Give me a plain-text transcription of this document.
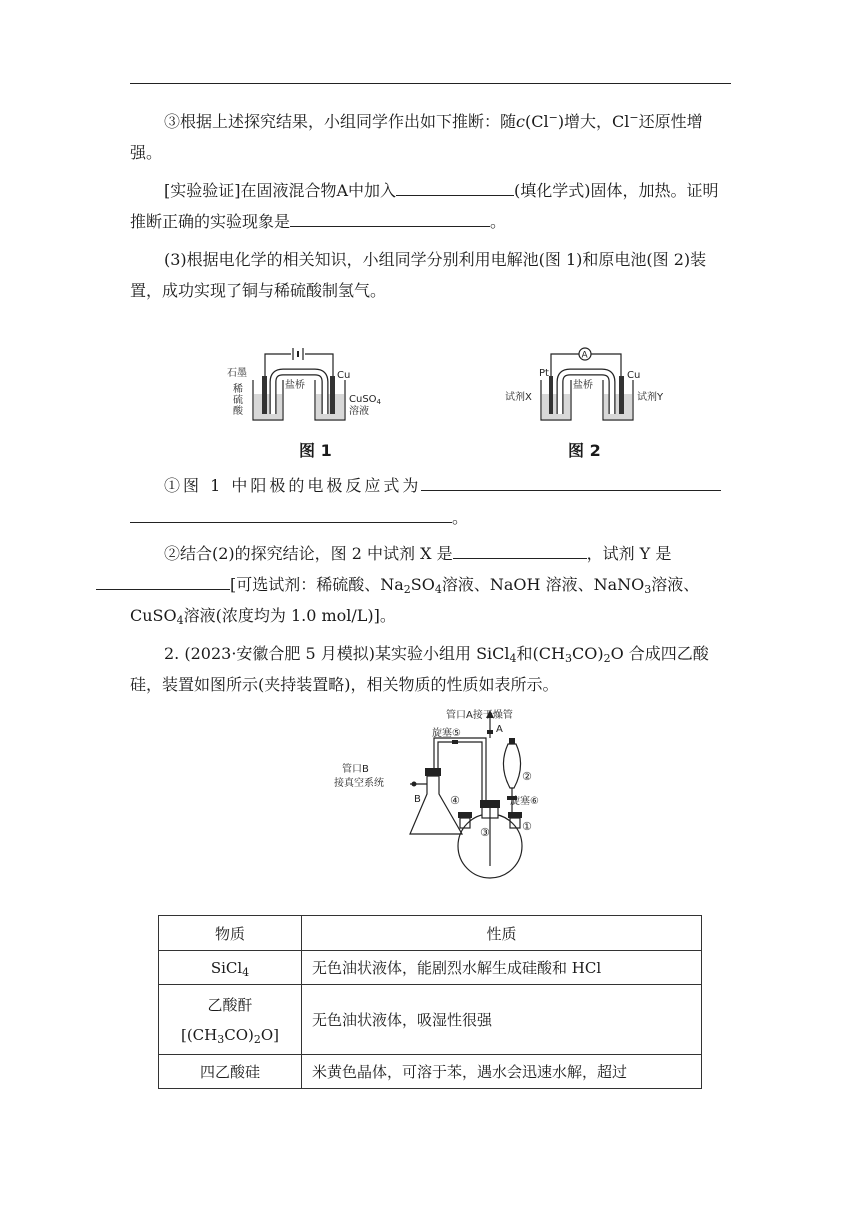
③根据上述探究结果，小组同学作出如下推断：随c(Cl−)增大，Cl−还原性增强。

[实验验证]在固液混合物A中加入	(填化学式)固体，加热。证明推断正确的实验现象是	。

(3)根据电化学的相关知识，小组同学分别利用电解池(图 1)和原电池(图 2)装置，成功实现了铜与稀硫酸制氢气。

石墨
稀
硫
酸
盐桥
Cu
CuSO$_4$
溶液
图 1
A
Pt
盐桥
Cu
试剂X	试剂Y
图 2

①图 1 中阳极的电极反应式为

。

②结合(2)的探究结论，图 2 中试剂 X 是	，试剂 Y 是
[可选试剂：稀硫酸、$Na_2SO_4$溶液、NaOH 溶液、NaNO$_3$溶液、CuSO$_4$溶液(浓度均为 1.0 mol/L)]。

2. (2023·安徽合肥 5 月模拟)某实验小组用 SiCl$_4$和$(CH_3CO)_2O$ 合成四乙酸硅，装置如图所示(夹持装置略)，相关物质的性质如表所示。

管口A接干燥管
旋塞⑤	A
管口B
接真空系统
B	④
②
旋塞⑥
①
③
物质	性质
SiCl$_4$	无色油状液体，能剧烈水解生成硅酸和 HCl
乙酸酐
$[(CH_3CO)_2O]$	无色油状液体，吸湿性很强
四乙酸硅	米黄色晶体，可溶于苯，遇水会迅速水解，超过
